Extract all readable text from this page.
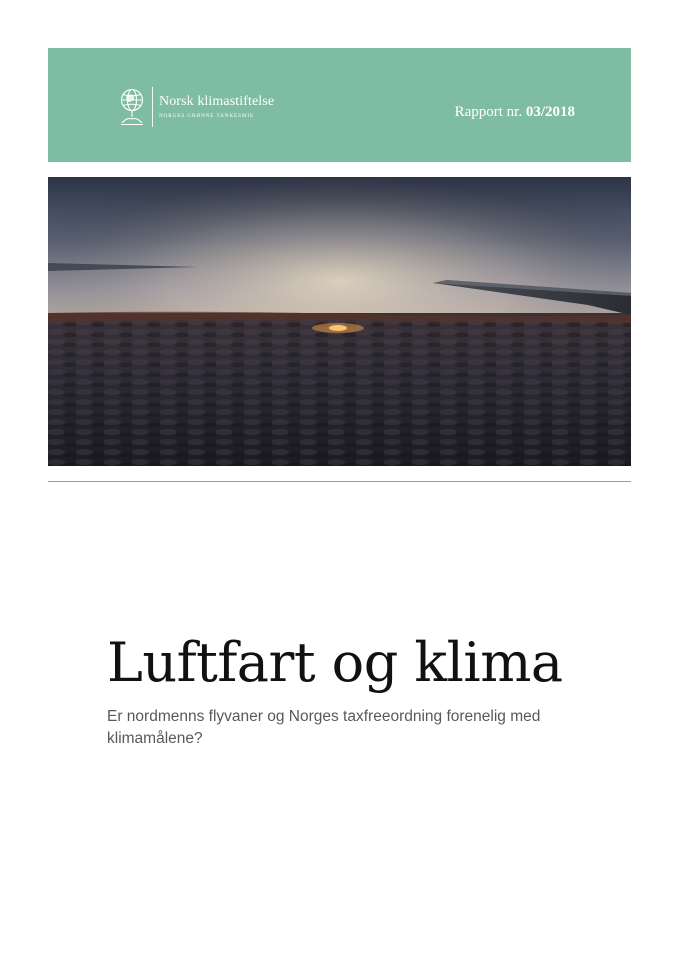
Norsk klimastiftelse
NORGES GRØNNE TANKESMIE	Rapport nr. 03/2018
Luftfart og klima

Er nordmenns flyvaner og Norges taxfreeordning forenelig med klimamålene?
